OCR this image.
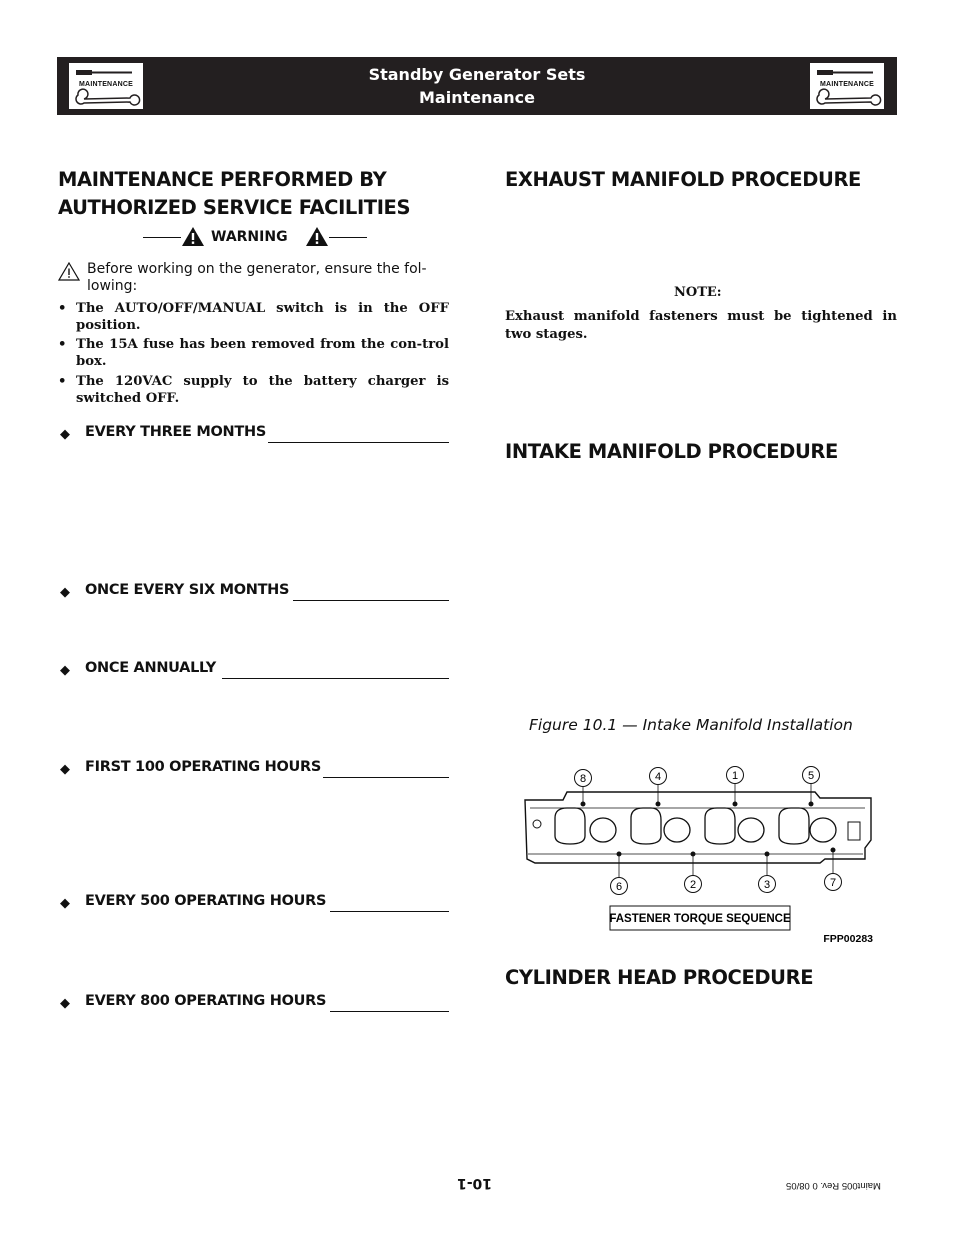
MAINTENANCE
Standby Generator Sets
Maintenance
MAINTENANCE
MAINTENANCE PERFORMED BY
AUTHORIZED SERVICE FACILITIES
WARNING
Before working on the generator, ensure the fol-lowing:
• The AUTO/OFF/MANUAL switch is in the OFF position.
• The 15A fuse has been removed from the con-trol box.
• The 120VAC supply to the battery charger is switched OFF.
◆ EVERY THREE MONTHS
◆ ONCE EVERY SIX MONTHS
◆ ONCE ANNUALLY
◆ FIRST 100 OPERATING HOURS
◆ EVERY 500 OPERATING HOURS
◆ EVERY 800 OPERATING HOURS
EXHAUST MANIFOLD PROCEDURE
NOTE:
Exhaust manifold fasteners must be tightened in two stages.
INTAKE MANIFOLD PROCEDURE
Figure 10.1 — Intake Manifold Installation
8	4	1	5
6	2	3	7
FASTENER TORQUE SEQUENCE
FPP00283
CYLINDER HEAD PROCEDURE
10-1	Maint005 Rev. 0 08/05
